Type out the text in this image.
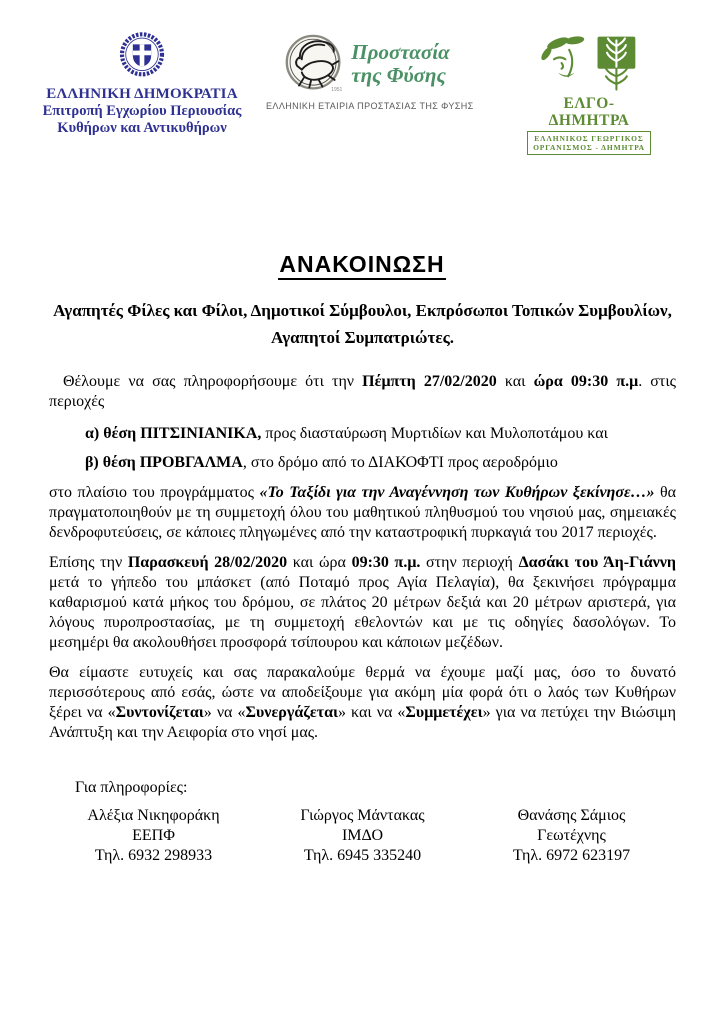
ΕΛΛΗΝΙΚΗ ΔΗΜΟΚΡΑΤΙΑ
Επιτροπή Εγχωρίου Περιουσίας
Κυθήρων και Αντικυθήρων
1951
Προστασία
της Φύσης
ΕΛΛΗΝΙΚΗ ΕΤΑΙΡΙΑ ΠΡΟΣΤΑΣΙΑΣ ΤΗΣ ΦΥΣΗΣ	ΕΛΓΟ-ΔΗΜΗΤΡΑ
ΕΛΛΗΝΙΚΟΣ ΓΕΩΡΓΙΚΟΣ
ΟΡΓΑΝΙΣΜΟΣ - ΔΗΜΗΤΡΑ
ΑΝΑΚΟΙΝΩΣΗ

Αγαπητές Φίλες και Φίλοι, Δημοτικοί Σύμβουλοι, Εκπρόσωποι Τοπικών Συμβουλίων, Αγαπητοί Συμπατριώτες.

Θέλουμε να σας πληροφορήσουμε ότι την Πέμπτη 27/02/2020 και ώρα 09:30 π.μ. στις περιοχές

α) θέση ΠΙΤΣΙΝΙΑΝΙΚΑ, προς διασταύρωση Μυρτιδίων και Μυλοποτάμου και

β) θέση ΠΡΟΒΓΑΛΜΑ, στο δρόμο από το ΔΙΑΚΟΦΤΙ προς αεροδρόμιο

στο πλαίσιο του προγράμματος «Το Ταξίδι για την Αναγέννηση των Κυθήρων ξεκίνησε…» θα πραγματοποιηθούν με τη συμμετοχή όλου του μαθητικού πληθυσμού του νησιού μας, σημειακές δενδροφυτεύσεις, σε κάποιες πληγωμένες από την καταστροφική πυρκαγιά του 2017 περιοχές.

Επίσης την Παρασκευή 28/02/2020 και ώρα 09:30 π.μ. στην περιοχή Δασάκι του Άη-Γιάννη μετά το γήπεδο του μπάσκετ (από Ποταμό προς Αγία Πελαγία), θα ξεκινήσει πρόγραμμα καθαρισμού κατά μήκος του δρόμου, σε πλάτος 20 μέτρων δεξιά και 20 μέτρων αριστερά, για λόγους πυροπροστασίας, με τη συμμετοχή εθελοντών και με τις οδηγίες δασολόγων. Το μεσημέρι θα ακολουθήσει προσφορά τσίπουρου και κάποιων μεζέδων.

Θα είμαστε ευτυχείς και σας παρακαλούμε θερμά να έχουμε μαζί μας, όσο το δυνατό περισσότερους από εσάς, ώστε να αποδείξουμε για ακόμη μία φορά ότι ο λαός των Κυθήρων ξέρει να «Συντονίζεται» να «Συνεργάζεται» και να «Συμμετέχει» για να πετύχει την Βιώσιμη Ανάπτυξη και την Αειφορία στο νησί μας.

Για πληροφορίες:

Αλέξια Νικηφοράκη
ΕΕΠΦ
Τηλ. 6932 298933
Γιώργος Μάντακας
ΙΜΔΟ
Τηλ. 6945 335240
Θανάσης Σάμιος
Γεωτέχνης
Τηλ. 6972 623197
